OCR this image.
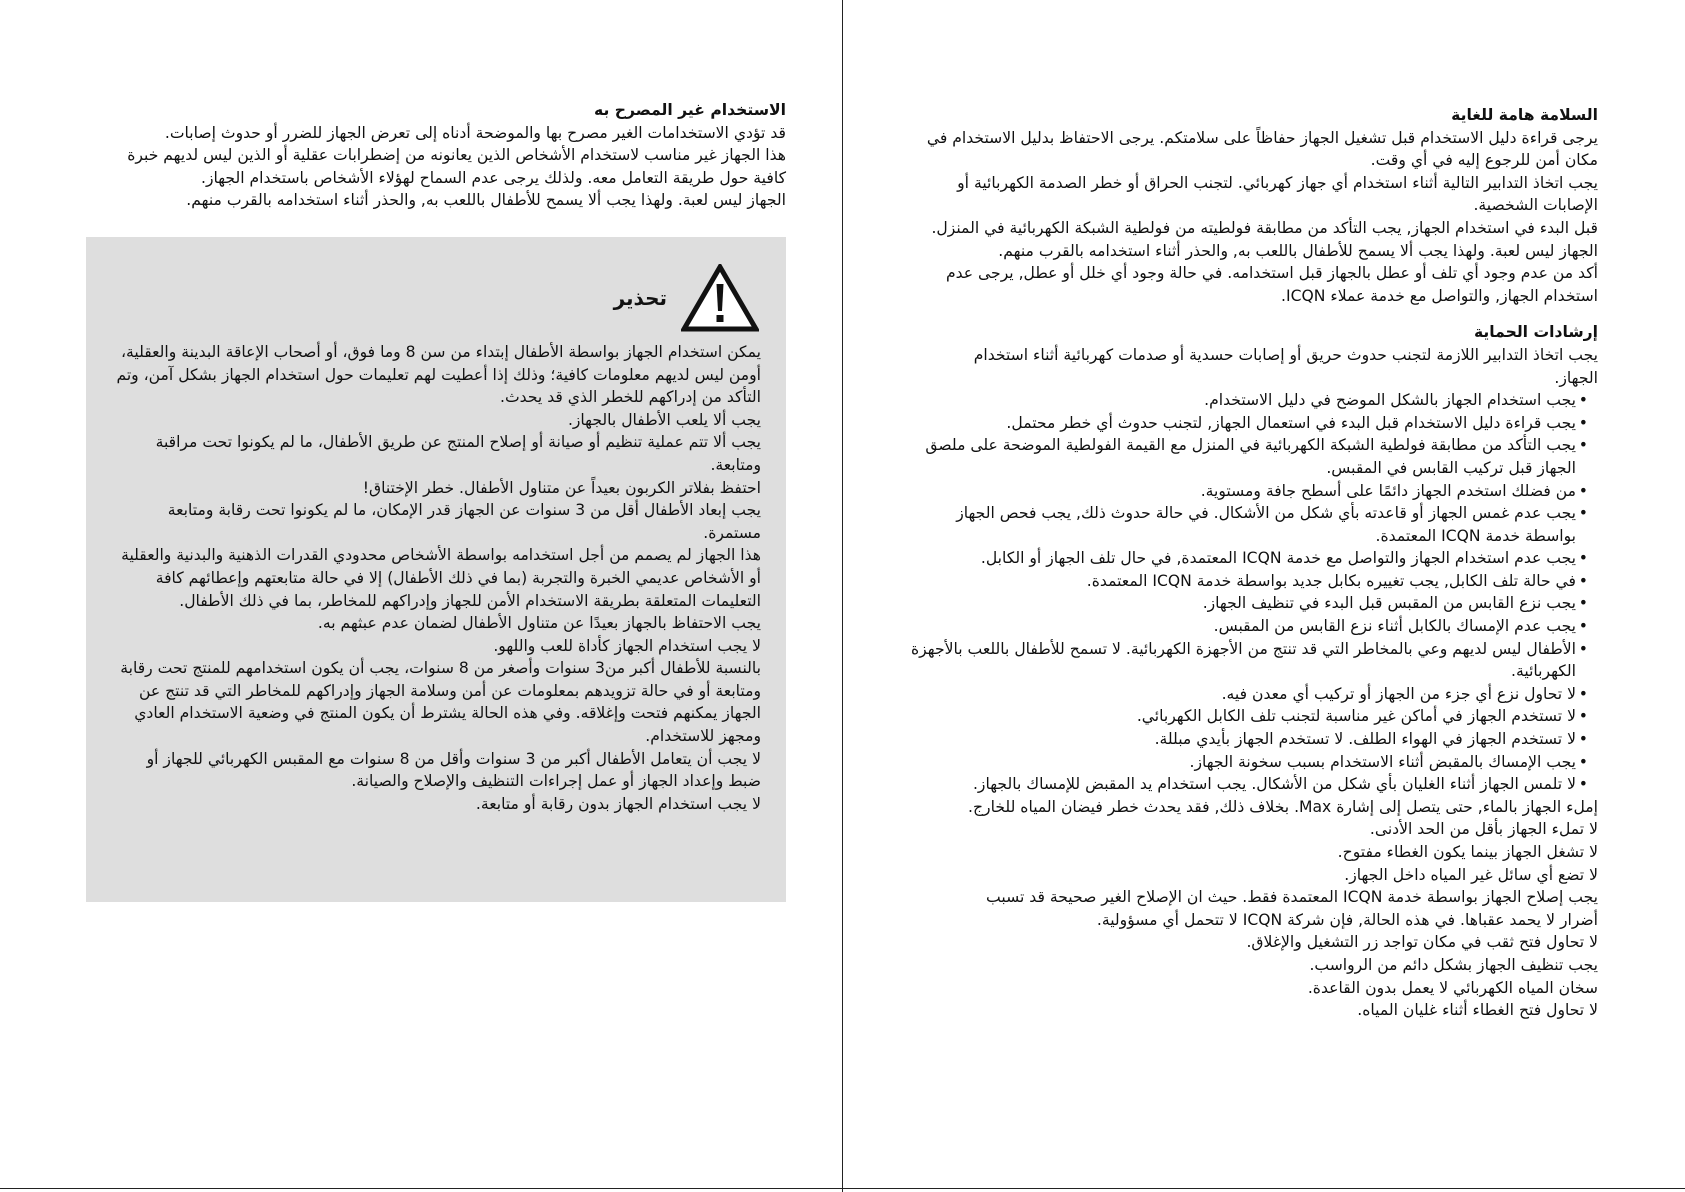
الاستخدام غير المصرح به

قد تؤدي الاستخدامات الغير مصرح بها والموضحة أدناه إلى تعرض الجهاز للضرر أو حدوث إصابات.

هذا الجهاز غير مناسب لاستخدام الأشخاص الذين يعانونه من إضطرابات عقلية أو الذين ليس لديهم خبرة

كافية حول طريقة التعامل معه. ولذلك يرجى عدم السماح لهؤلاء الأشخاص باستخدام الجهاز.

الجهاز ليس لعبة. ولهذا يجب ألا يسمح للأطفال باللعب به, والحذر أثناء استخدامه بالقرب منهم.

تحذير

يمكن استخدام الجهاز بواسطة الأطفال إبتداء من سن 8 وما فوق، أو أصحاب الإعاقة البدينة والعقلية،

أومن ليس لديهم معلومات كافية؛ وذلك إذا أعطيت لهم تعليمات حول استخدام الجهاز بشكل آمن، وتم

التأكد من إدراكهم للخطر الذي قد يحدث.

يجب ألا يلعب الأطفال بالجهاز.

يجب ألا تتم عملية تنظيم أو صيانة أو إصلاح المنتج عن طريق الأطفال، ما لم يكونوا تحت مراقبة

ومتابعة.

احتفظ بفلاتر الكربون بعيداً عن متناول الأطفال. خطر الإختناق!

يجب إبعاد الأطفال أقل من 3 سنوات عن الجهاز قدر الإمكان، ما لم يكونوا تحت رقابة ومتابعة

مستمرة.

هذا الجهاز لم يصمم من أجل استخدامه بواسطة الأشخاص محدودي القدرات الذهنية والبدنية والعقلية

أو الأشخاص عديمي الخبرة والتجربة (بما في ذلك الأطفال) إلا في حالة متابعتهم وإعطائهم كافة

التعليمات المتعلقة بطريقة الاستخدام الأمن للجهاز وإدراكهم للمخاطر، بما في ذلك الأطفال.

يجب الاحتفاظ بالجهاز بعيدًا عن متناول الأطفال لضمان عدم عبثهم به.

لا يجب استخدام الجهاز كأداة للعب واللهو.

بالنسبة للأطفال أكبر من3 سنوات وأصغر من 8 سنوات، يجب أن يكون استخدامهم للمنتج تحت رقابة

ومتابعة أو في حالة تزويدهم بمعلومات عن أمن وسلامة الجهاز وإدراكهم للمخاطر التي قد تنتج عن

الجهاز يمكنهم فتحت وإغلاقه. وفي هذه الحالة يشترط أن يكون المنتج في وضعية الاستخدام العادي

ومجهز للاستخدام.

لا يجب أن يتعامل الأطفال أكبر من 3 سنوات وأقل من 8 سنوات مع المقبس الكهربائي للجهاز أو

ضبط وإعداد الجهاز أو عمل إجراءات التنظيف والإصلاح والصيانة.

لا يجب استخدام الجهاز بدون رقابة أو متابعة.

السلامة هامة للغاية

يرجى قراءة دليل الاستخدام قبل تشغيل الجهاز حفاظاً على سلامتكم. يرجى الاحتفاظ بدليل الاستخدام في

مكان أمن للرجوع إليه في أي وقت.

يجب اتخاذ التدابير التالية أثناء استخدام أي جهاز كهربائي. لتجنب الحراق أو خطر الصدمة الكهربائية أو

الإصابات الشخصية.

قبل البدء في استخدام الجهاز, يجب التأكد من مطابقة فولطيته من فولطية الشبكة الكهربائية في المنزل.

الجهاز ليس لعبة. ولهذا يجب ألا يسمح للأطفال باللعب به, والحذر أثناء استخدامه بالقرب منهم.

أكد من عدم وجود أي تلف أو عطل بالجهاز قبل استخدامه. في حالة وجود أي خلل أو عطل, يرجى عدم

استخدام الجهاز, والتواصل مع خدمة عملاء ICQN.

إرشادات الحماية

يجب اتخاذ التدابير اللازمة لتجنب حدوث حريق أو إصابات حسدية أو صدمات كهربائية أثناء استخدام

الجهاز.

• يجب استخدام الجهاز بالشكل الموضح في دليل الاستخدام.
• يجب قراءة دليل الاستخدام قبل البدء في استعمال الجهاز, لتجنب حدوث أي خطر محتمل.
• يجب التأكد من مطابقة فولطية الشبكة الكهربائية في المنزل مع القيمة الفولطية الموضحة على ملصق الجهاز قبل تركيب القابس في المقبس.
• من فضلك استخدم الجهاز دائمًا على أسطح جافة ومستوية.
• يجب عدم غمس الجهاز أو قاعدته بأي شكل من الأشكال. في حالة حدوث ذلك, يجب فحص الجهاز بواسطة خدمة ICQN المعتمدة.
• يجب عدم استخدام الجهاز والتواصل مع خدمة ICQN المعتمدة, في حال تلف الجهاز أو الكابل.
• في حالة تلف الكابل, يجب تغييره بكابل جديد بواسطة خدمة ICQN المعتمدة.
• يجب نزع القابس من المقبس قبل البدء في تنظيف الجهاز.
• يجب عدم الإمساك بالكابل أثناء نزع القابس من المقبس.
• الأطفال ليس لديهم وعي بالمخاطر التي قد تنتج من الأجهزة الكهربائية. لا تسمح للأطفال باللعب بالأجهزة الكهربائية.
• لا تحاول نزع أي جزء من الجهاز أو تركيب أي معدن فيه.
• لا تستخدم الجهاز في أماكن غير مناسبة لتجنب تلف الكابل الكهربائي.
• لا تستخدم الجهاز في الهواء الطلف. لا تستخدم الجهاز بأيدي مبللة.
• يجب الإمساك بالمقبض أثناء الاستخدام بسبب سخونة الجهاز.
• لا تلمس الجهاز أثناء الغليان بأي شكل من الأشكال. يجب استخدام يد المقبض للإمساك بالجهاز.

إملء الجهاز بالماء, حتى يتصل إلى إشارة Max. بخلاف ذلك, فقد يحدث خطر فيضان المياه للخارج.

لا تملء الجهاز بأقل من الحد الأدنى.

لا تشغل الجهاز بينما يكون الغطاء مفتوح.

لا تضع أي سائل غير المياه داخل الجهاز.

يجب إصلاح الجهاز بواسطة خدمة ICQN المعتمدة فقط. حيث ان الإصلاح الغير صحيحة قد تسبب

أضرار لا يحمد عقباها. في هذه الحالة, فإن شركة ICQN لا تتحمل أي مسؤولية.

لا تحاول فتح ثقب في مكان تواجد زر التشغيل والإغلاق.

يجب تنظيف الجهاز بشكل دائم من الرواسب.

سخان المياه الكهربائي لا يعمل بدون القاعدة.

لا تحاول فتح الغطاء أثناء غليان المياه.
